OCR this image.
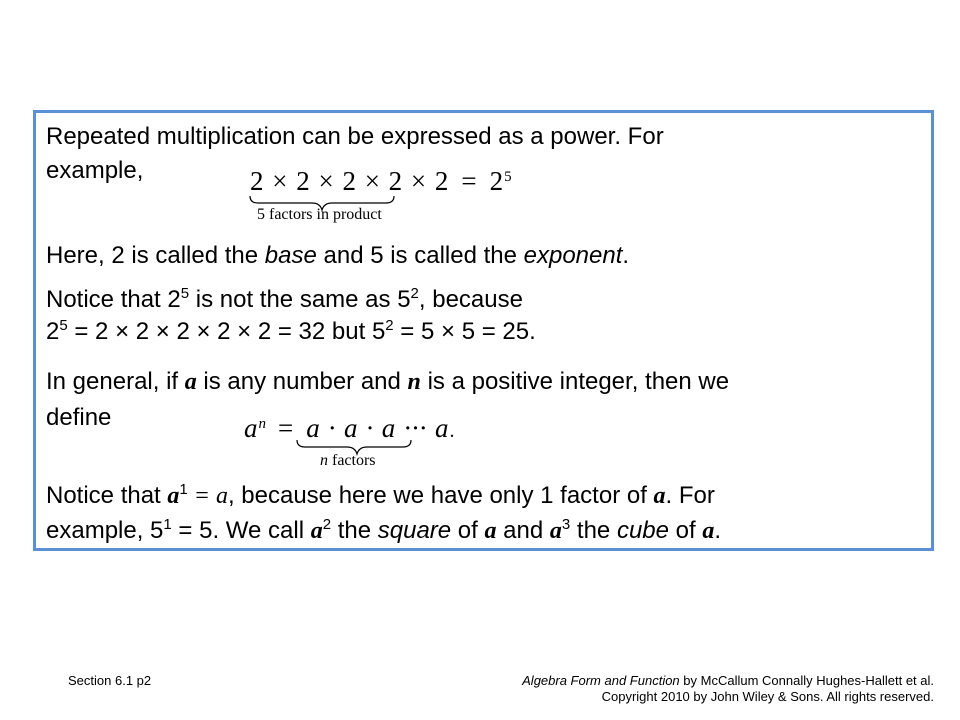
Repeated multiplication can be expressed as a power. For
example,	$2 \times 2 \times 2 \times 2 \times 2 = 2^5$
5 factors in product
Here, 2 is called the base and 5 is called the exponent.
Notice that $2^5$ is not the same as $5^2$, because
$2^5 = 2 \times 2 \times 2 \times 2 \times 2 = 32$ but $5^2 = 5 \times 5 = 25$.
In general, if a is any number and n is a positive integer, then we
define	$a^n = a \cdot a \cdot a$ ··· a.
n factors
Notice that $a^1 = a$, because here we have only 1 factor of a. For
example, $5^1 = 5$. We call $a^2$ the square of a and $a^3$ the cube of a.
Section 6.1 p2	Algebra Form and Function by McCallum Connally Hughes-Hallett et al.
Copyright 2010 by John Wiley & Sons. All rights reserved.
